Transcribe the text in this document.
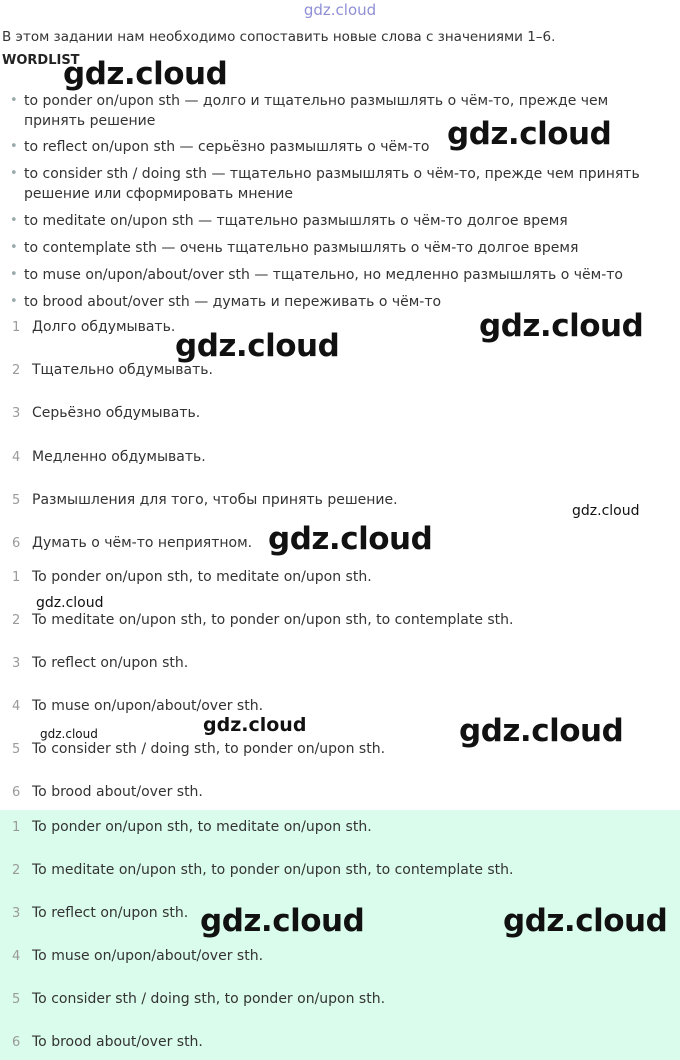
gdz.cloud
В этом задании нам необходимо сопоставить новые слова с значениями 1–6.
WORDLIST
• to ponder on/upon sth — долго и тщательно размышлять о чём-то, прежде чем принять решение
• to reflect on/upon sth — серьёзно размышлять о чём-то
• to consider sth / doing sth — тщательно размышлять о чём-то, прежде чем принять решение или сформировать мнение
• to meditate on/upon sth — тщательно размышлять о чём-то долгое время
• to contemplate sth — очень тщательно размышлять о чём-то долгое время
• to muse on/upon/about/over sth — тщательно, но медленно размышлять о чём-то
• to brood about/over sth — думать и переживать о чём-то
1 Долго обдумывать.
2 Тщательно обдумывать.
3 Серьёзно обдумывать.
4 Медленно обдумывать.
5 Размышления для того, чтобы принять решение.
6 Думать о чём-то неприятном.
1 To ponder on/upon sth, to meditate on/upon sth.
2 To meditate on/upon sth, to ponder on/upon sth, to contemplate sth.
3 To reflect on/upon sth.
4 To muse on/upon/about/over sth.
5 To consider sth / doing sth, to ponder on/upon sth.
6 To brood about/over sth.
1 To ponder on/upon sth, to meditate on/upon sth.
2 To meditate on/upon sth, to ponder on/upon sth, to contemplate sth.
3 To reflect on/upon sth.
4 To muse on/upon/about/over sth.
5 To consider sth / doing sth, to ponder on/upon sth.
6 To brood about/over sth.
gdz.cloud
gdz.cloud
gdz.cloud
gdz.cloud
gdz.cloud
gdz.cloud
gdz.cloud
gdz.cloud	gdz.cloud
gdz.cloud
gdz.cloud	gdz.cloud
